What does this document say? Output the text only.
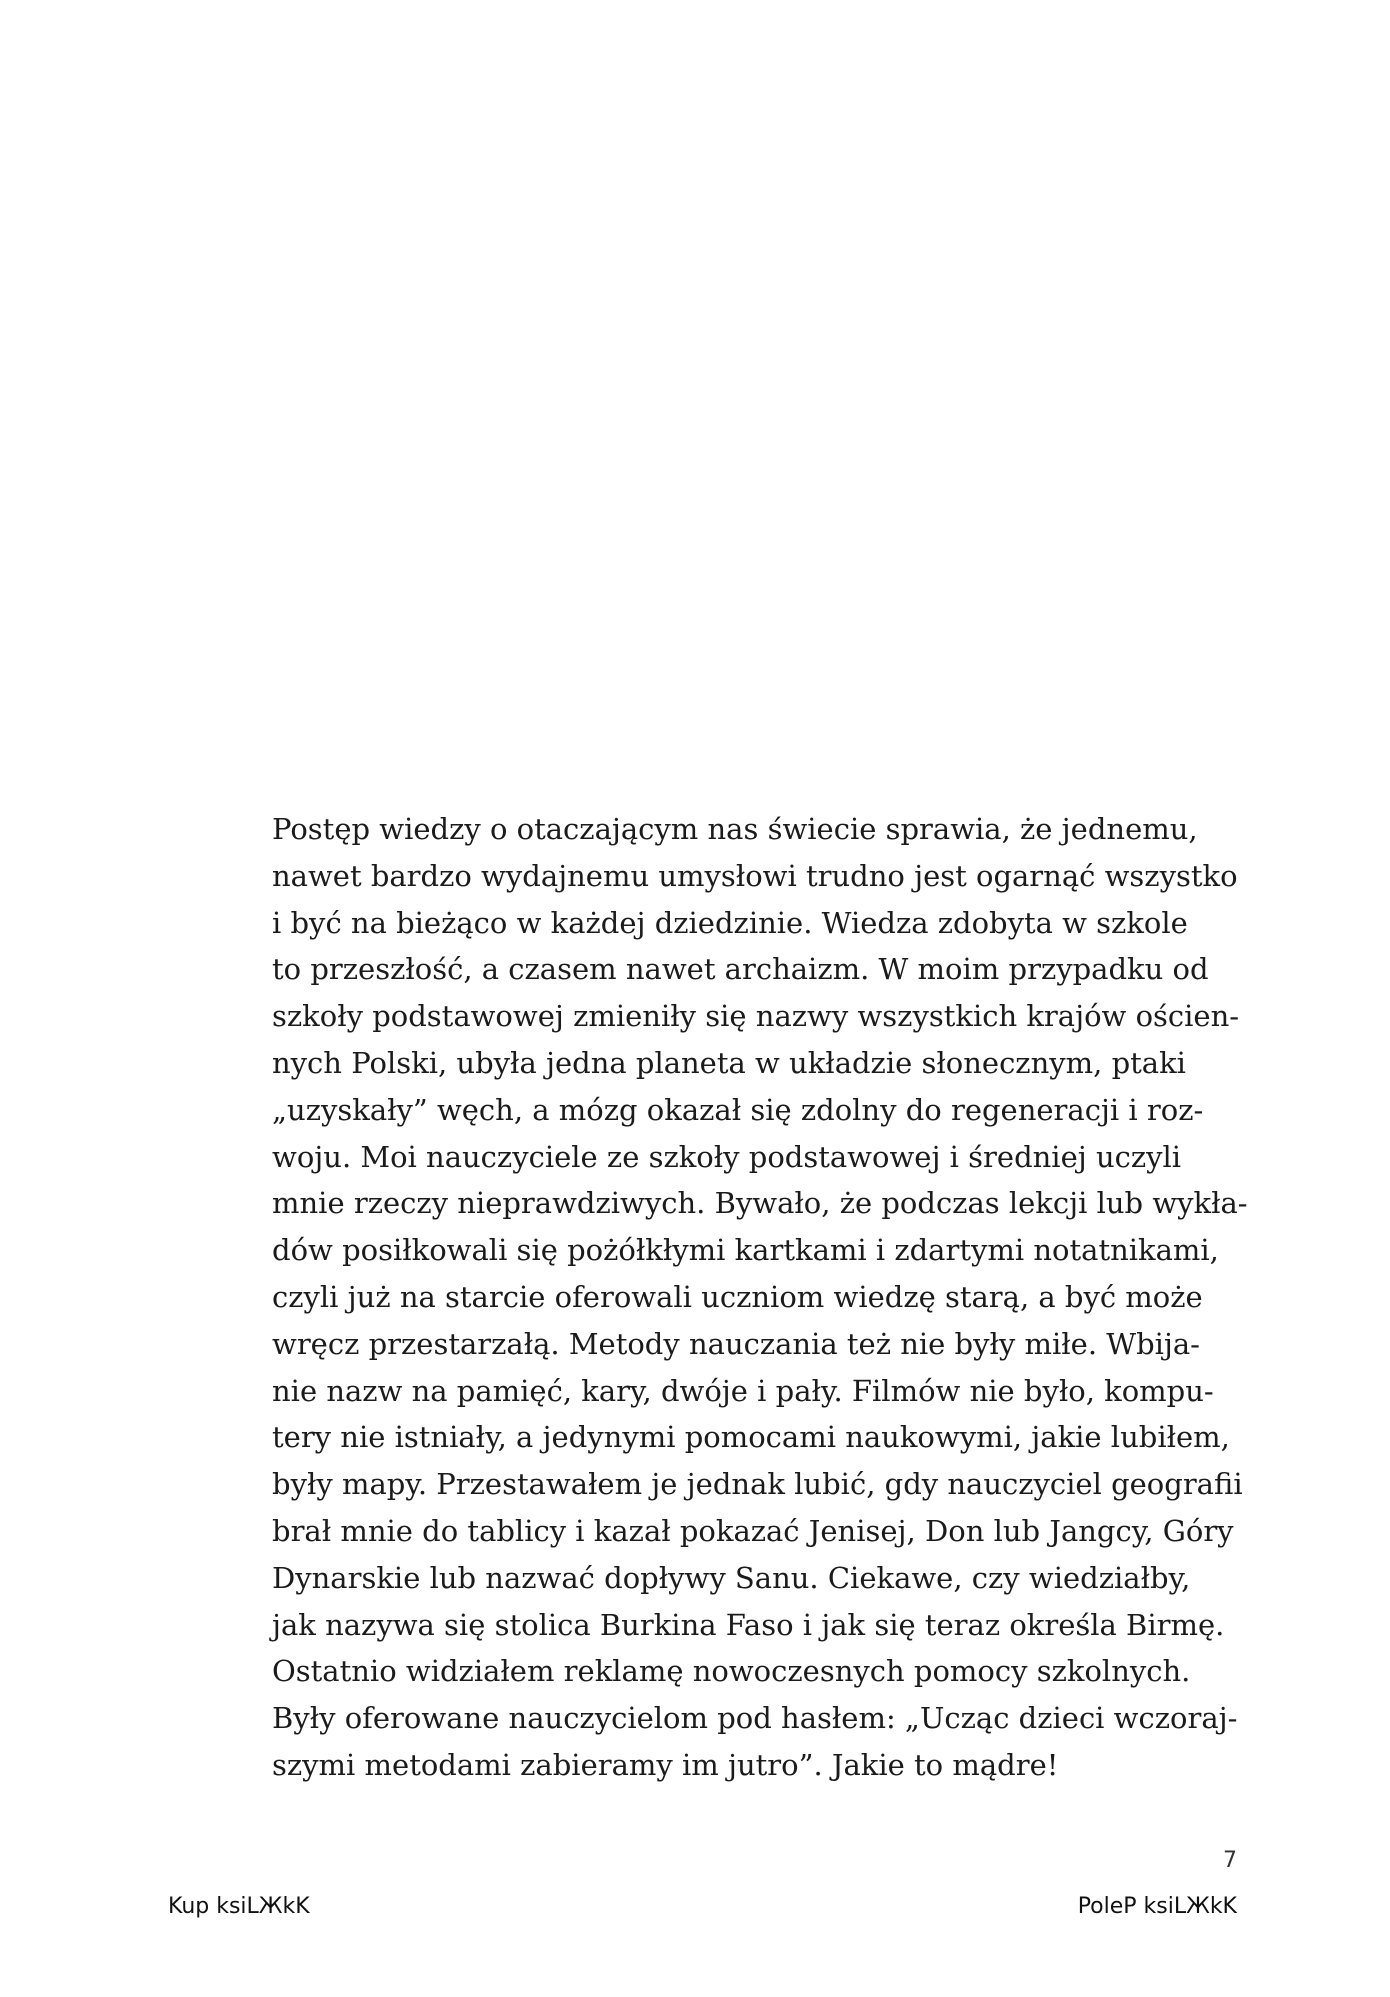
Postęp wiedzy o otaczającym nas świecie sprawia, że jednemu,
nawet bardzo wydajnemu umysłowi trudno jest ogarnąć wszystko
i być na bieżąco w każdej dziedzinie. Wiedza zdobyta w szkole
to przeszłość, a czasem nawet archaizm. W moim przypadku od
szkoły podstawowej zmieniły się nazwy wszystkich krajów ościen-
nych Polski, ubyła jedna planeta w układzie słonecznym, ptaki
„uzyskały” węch, a mózg okazał się zdolny do regeneracji i roz-
woju. Moi nauczyciele ze szkoły podstawowej i średniej uczyli
mnie rzeczy nieprawdziwych. Bywało, że podczas lekcji lub wykła-
dów posiłkowali się pożółkłymi kartkami i zdartymi notatnikami,
czyli już na starcie oferowali uczniom wiedzę starą, a być może
wręcz przestarzałą. Metody nauczania też nie były miłe. Wbija-
nie nazw na pamięć, kary, dwóje i pały. Filmów nie było, kompu-
tery nie istniały, a jedynymi pomocami naukowymi, jakie lubiłem,
były mapy. Przestawałem je jednak lubić, gdy nauczyciel geografii
brał mnie do tablicy i kazał pokazać Jenisej, Don lub Jangcy, Góry
Dynarskie lub nazwać dopływy Sanu. Ciekawe, czy wiedziałby,
jak nazywa się stolica Burkina Faso i jak się teraz określa Birmę.
Ostatnio widziałem reklamę nowoczesnych pomocy szkolnych.
Były oferowane nauczycielom pod hasłem: „Ucząc dzieci wczoraj-
szymi metodami zabieramy im jutro”. Jakie to mądre!
7
Kup ksiLЖkK	PoleP ksiLЖkK
